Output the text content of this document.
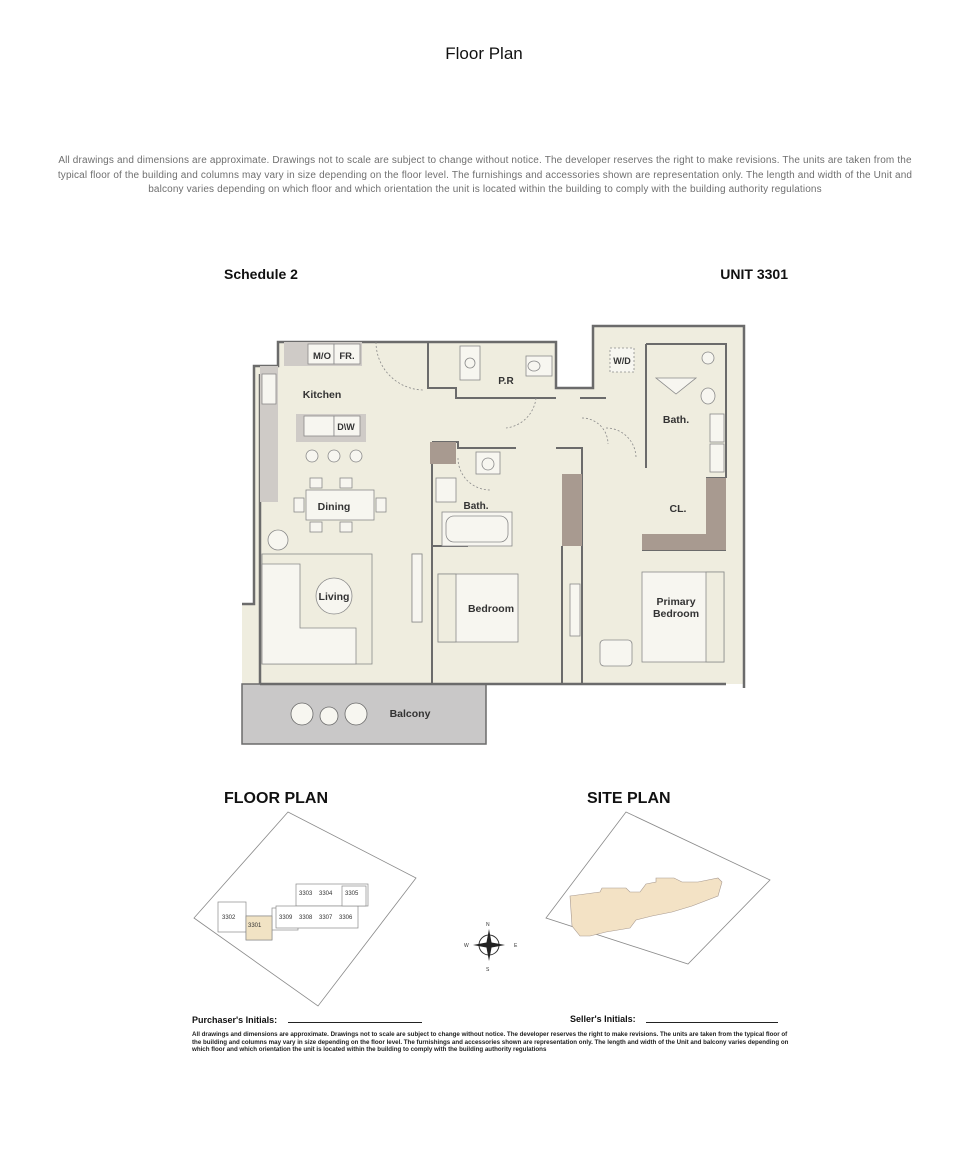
Floor Plan
All drawings and dimensions are approximate. Drawings not to scale are subject to change without notice. The developer reserves the right to make revisions. The units are taken from the typical floor of the building and columns may vary in size depending on the floor level. The furnishings and accessories shown are representation only. The length and width of the Unit and balcony varies depending on which floor and which orientation the unit is located within the building to comply with the building authority regulations
Schedule 2	UNIT 3301
M/O FR.
Kitchen
D\W
Dining
Living
P.R
W/D
Bath.
CL.
Bath.
Bedroom
Primary
Bedroom
Balcony
FLOOR PLAN	SITE PLAN
3302
3301
3303 3304 3305
3309 3308 3307 3306
N
S
E
W
Purchaser's Initials:	Seller's Initials:
All drawings and dimensions are approximate. Drawings not to scale are subject to change without notice. The developer reserves the right to make revisions. The units are taken from the typical floor of the building and columns may vary in size depending on the floor level. The furnishings and accessories shown are representation only. The length and width of the Unit and balcony varies depending on which floor and which orientation the unit is located within the building to comply with the building authority regulations
